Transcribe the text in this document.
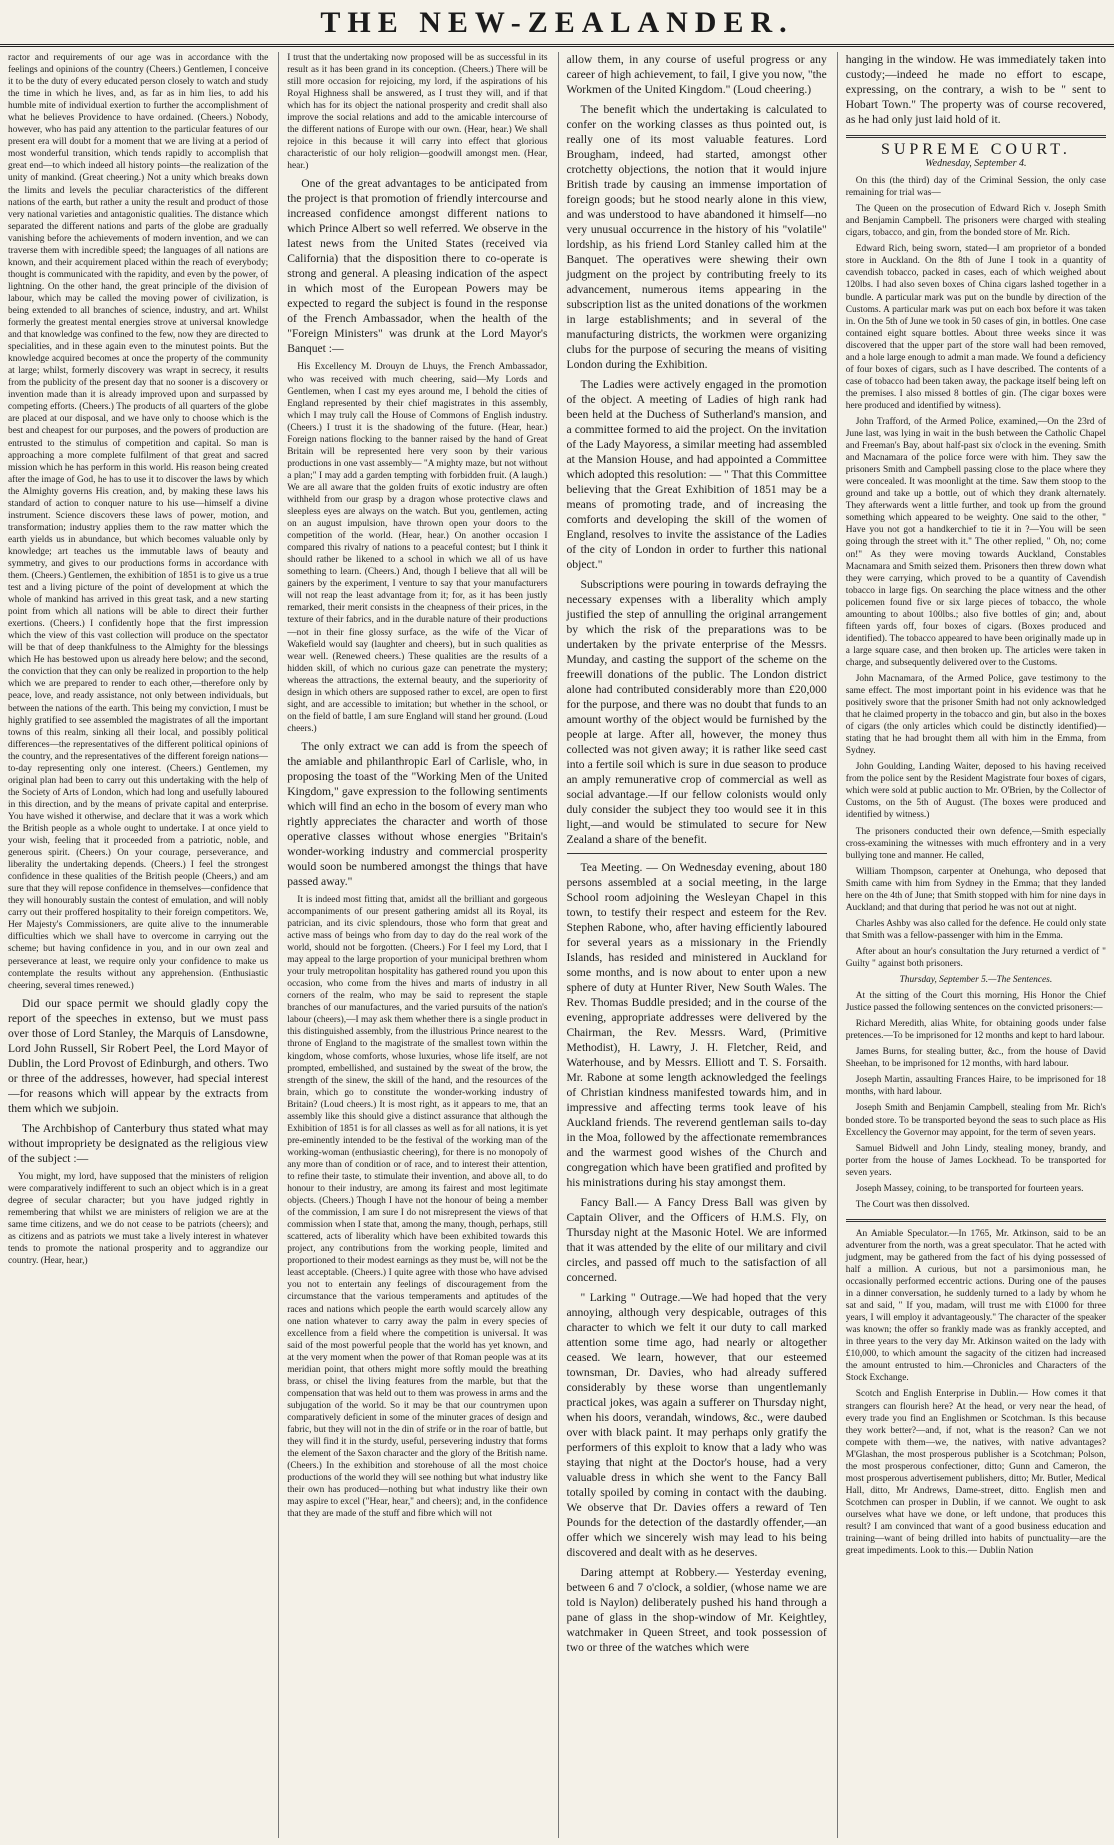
THE NEW-ZEALANDER.

ractor and requirements of our age was in accordance with the feelings and opinions of the country (Cheers.) Gentlemen, I conceive it to be the duty of every educated person closely to watch and study the time in which he lives, and, as far as in him lies, to add his humble mite of individual exertion to further the accomplishment of what he believes Providence to have ordained. (Cheers.) Nobody, however, who has paid any attention to the particular features of our present era will doubt for a moment that we are living at a period of most wonderful transition, which tends rapidly to accomplish that great end—to which indeed all history points—the realization of the unity of mankind. (Great cheering.) Not a unity which breaks down the limits and levels the peculiar characteristics of the different nations of the earth, but rather a unity the result and product of those very national varieties and antagonistic qualities. The distance which separated the different nations and parts of the globe are gradually vanishing before the achievements of modern invention, and we can traverse them with incredible speed; the languages of all nations are known, and their acquirement placed within the reach of everybody; thought is communicated with the rapidity, and even by the power, of lightning. On the other hand, the great principle of the division of labour, which may be called the moving power of civilization, is being extended to all branches of science, industry, and art. Whilst formerly the greatest mental energies strove at universal knowledge and that knowledge was confined to the few, now they are directed to specialities, and in these again even to the minutest points. But the knowledge acquired becomes at once the property of the community at large; whilst, formerly discovery was wrapt in secrecy, it results from the publicity of the present day that no sooner is a discovery or invention made than it is already improved upon and surpassed by competing efforts. (Cheers.) The products of all quarters of the globe are placed at our disposal, and we have only to choose which is the best and cheapest for our purposes, and the powers of production are entrusted to the stimulus of competition and capital. So man is approaching a more complete fulfilment of that great and sacred mission which he has perform in this world. His reason being created after the image of God, he has to use it to discover the laws by which the Almighty governs His creation, and, by making these laws his standard of action to conquer nature to his use—himself a divine instrument. Science discovers these laws of power, motion, and transformation; industry applies them to the raw matter which the earth yields us in abundance, but which becomes valuable only by knowledge; art teaches us the immutable laws of beauty and symmetry, and gives to our productions forms in accordance with them. (Cheers.) Gentlemen, the exhibition of 1851 is to give us a true test and a living picture of the point of development at which the whole of mankind has arrived in this great task, and a new starting point from which all nations will be able to direct their further exertions. (Cheers.) I confidently hope that the first impression which the view of this vast collection will produce on the spectator will be that of deep thankfulness to the Almighty for the blessings which He has bestowed upon us already here below; and the second, the conviction that they can only be realized in proportion to the help which we are prepared to render to each other,—therefore only by peace, love, and ready assistance, not only between individuals, but between the nations of the earth. This being my conviction, I must be highly gratified to see assembled the magistrates of all the important towns of this realm, sinking all their local, and possibly political differences—the representatives of the different political opinions of the country, and the representatives of the different foreign nations—to-day representing only one interest. (Cheers.) Gentlemen, my original plan had been to carry out this undertaking with the help of the Society of Arts of London, which had long and usefully laboured in this direction, and by the means of private capital and enterprise. You have wished it otherwise, and declare that it was a work which the British people as a whole ought to undertake. I at once yield to your wish, feeling that it proceeded from a patriotic, noble, and generous spirit. (Cheers.) On your courage, perseverance, and liberality the undertaking depends. (Cheers.) I feel the strongest confidence in these qualities of the British people (Cheers,) and am sure that they will repose confidence in themselves—confidence that they will honourably sustain the contest of emulation, and will nobly carry out their proffered hospitality to their foreign competitors. We, Her Majesty's Commissioners, are quite alive to the innumerable difficulties which we shall have to overcome in carrying out the scheme; but having confidence in you, and in our own zeal and perseverance at least, we require only your confidence to make us contemplate the results without any apprehension. (Enthusiastic cheering, several times renewed.)

Did our space permit we should gladly copy the report of the speeches in extenso, but we must pass over those of Lord Stanley, the Marquis of Lansdowne, Lord John Russell, Sir Robert Peel, the Lord Mayor of Dublin, the Lord Provost of Edinburgh, and others. Two or three of the addresses, however, had special interest—for reasons which will appear by the extracts from them which we subjoin.

The Archbishop of Canterbury thus stated what may without impropriety be designated as the religious view of the subject :—

You might, my lord, have supposed that the ministers of religion were comparatively indifferent to such an object which is in a great degree of secular character; but you have judged rightly in remembering that whilst we are ministers of religion we are at the same time citizens, and we do not cease to be patriots (cheers); and as citizens and as patriots we must take a lively interest in whatever tends to promote the national prosperity and to aggrandize our country. (Hear, hear,)

I trust that the undertaking now proposed will be as successful in its result as it has been grand in its conception. (Cheers.) There will be still more occasion for rejoicing, my lord, if the aspirations of his Royal Highness shall be answered, as I trust they will, and if that which has for its object the national prosperity and credit shall also improve the social relations and add to the amicable intercourse of the different nations of Europe with our own. (Hear, hear.) We shall rejoice in this because it will carry into effect that glorious characteristic of our holy religion—goodwill amongst men. (Hear, hear.)

One of the great advantages to be anticipated from the project is that promotion of friendly intercourse and increased confidence amongst different nations to which Prince Albert so well referred. We observe in the latest news from the United States (received via California) that the disposition there to co-operate is strong and general. A pleasing indication of the aspect in which most of the European Powers may be expected to regard the subject is found in the response of the French Ambassador, when the health of the "Foreign Ministers" was drunk at the Lord Mayor's Banquet :—

His Excellency M. Drouyn de Lhuys, the French Ambassador, who was received with much cheering, said—My Lords and Gentlemen, when I cast my eyes around me, I behold the cities of England represented by their chief magistrates in this assembly, which I may truly call the House of Commons of English industry. (Cheers.) I trust it is the shadowing of the future. (Hear, hear.) Foreign nations flocking to the banner raised by the hand of Great Britain will be represented here very soon by their various productions in one vast assembly— "A mighty maze, but not without a plan;" I may add a garden tempting with forbidden fruit. (A laugh.) We are all aware that the golden fruits of exotic industry are often withheld from our grasp by a dragon whose protective claws and sleepless eyes are always on the watch. But you, gentlemen, acting on an august impulsion, have thrown open your doors to the competition of the world. (Hear, hear.) On another occasion I compared this rivalry of nations to a peaceful contest; but I think it should rather be likened to a school in which we all of us have something to learn. (Cheers.) And, though I believe that all will be gainers by the experiment, I venture to say that your manufacturers will not reap the least advantage from it; for, as it has been justly remarked, their merit consists in the cheapness of their prices, in the texture of their fabrics, and in the durable nature of their productions—not in their fine glossy surface, as the wife of the Vicar of Wakefield would say (laughter and cheers), but in such qualities as wear well. (Renewed cheers.) These qualities are the results of a hidden skill, of which no curious gaze can penetrate the mystery; whereas the attractions, the external beauty, and the superiority of design in which others are supposed rather to excel, are open to first sight, and are accessible to imitation; but whether in the school, or on the field of battle, I am sure England will stand her ground. (Loud cheers.)

The only extract we can add is from the speech of the amiable and philanthropic Earl of Carlisle, who, in proposing the toast of the "Working Men of the United Kingdom," gave expression to the following sentiments which will find an echo in the bosom of every man who rightly appreciates the character and worth of those operative classes without whose energies "Britain's wonder-working industry and commercial prosperity would soon be numbered amongst the things that have passed away."

It is indeed most fitting that, amidst all the brilliant and gorgeous accompaniments of our present gathering amidst all its Royal, its patrician, and its civic splendours, those who form that great and active mass of beings who from day to day do the real work of the world, should not be forgotten. (Cheers.) For I feel my Lord, that I may appeal to the large proportion of your municipal brethren whom your truly metropolitan hospitality has gathered round you upon this occasion, who come from the hives and marts of industry in all corners of the realm, who may be said to represent the staple branches of our manufactures, and the varied pursuits of the nation's labour (cheers),—I may ask them whether there is a single product in this distinguished assembly, from the illustrious Prince nearest to the throne of England to the magistrate of the smallest town within the kingdom, whose comforts, whose luxuries, whose life itself, are not prompted, embellished, and sustained by the sweat of the brow, the strength of the sinew, the skill of the hand, and the resources of the brain, which go to constitute the wonder-working industry of Britain? (Loud cheers.) It is most right, as it appears to me, that an assembly like this should give a distinct assurance that although the Exhibition of 1851 is for all classes as well as for all nations, it is yet pre-eminently intended to be the festival of the working man of the working-woman (enthusiastic cheering), for there is no monopoly of any more than of condition or of race, and to interest their attention, to refine their taste, to stimulate their invention, and above all, to do honour to their industry, are among its fairest and most legitimate objects. (Cheers.) Though I have not the honour of being a member of the commission, I am sure I do not misrepresent the views of that commission when I state that, among the many, though, perhaps, still scattered, acts of liberality which have been exhibited towards this project, any contributions from the working people, limited and proportioned to their modest earnings as they must be, will not be the least acceptable. (Cheers.) I quite agree with those who have advised you not to entertain any feelings of discouragement from the circumstance that the various temperaments and aptitudes of the races and nations which people the earth would scarcely allow any one nation whatever to carry away the palm in every species of excellence from a field where the competition is universal. It was said of the most powerful people that the world has yet known, and at the very moment when the power of that Roman people was at its meridian point, that others might more softly mould the breathing brass, or chisel the living features from the marble, but that the compensation that was held out to them was prowess in arms and the subjugation of the world. So it may be that our countrymen upon comparatively deficient in some of the minuter graces of design and fabric, but they will not in the din of strife or in the roar of battle, but they will find it in the sturdy, useful, persevering industry that forms the element of the Saxon character and the glory of the British name. (Cheers.) In the exhibition and storehouse of all the most choice productions of the world they will see nothing but what industry like their own has produced—nothing but what industry like their own may aspire to excel ("Hear, hear," and cheers); and, in the confidence that they are made of the stuff and fibre which will not

allow them, in any course of useful progress or any career of high achievement, to fail, I give you now, "the Workmen of the United Kingdom." (Loud cheering.)

The benefit which the undertaking is calculated to confer on the working classes as thus pointed out, is really one of its most valuable features. Lord Brougham, indeed, had started, amongst other crotchetty objections, the notion that it would injure British trade by causing an immense importation of foreign goods; but he stood nearly alone in this view, and was understood to have abandoned it himself—no very unusual occurrence in the history of his "volatile" lordship, as his friend Lord Stanley called him at the Banquet. The operatives were shewing their own judgment on the project by contributing freely to its advancement, numerous items appearing in the subscription list as the united donations of the workmen in large establishments; and in several of the manufacturing districts, the workmen were organizing clubs for the purpose of securing the means of visiting London during the Exhibition.

The Ladies were actively engaged in the promotion of the object. A meeting of Ladies of high rank had been held at the Duchess of Sutherland's mansion, and a committee formed to aid the project. On the invitation of the Lady Mayoress, a similar meeting had assembled at the Mansion House, and had appointed a Committee which adopted this resolution: — " That this Committee believing that the Great Exhibition of 1851 may be a means of promoting trade, and of increasing the comforts and developing the skill of the women of England, resolves to invite the assistance of the Ladies of the city of London in order to further this national object."

Subscriptions were pouring in towards defraying the necessary expenses with a liberality which amply justified the step of annulling the original arrangement by which the risk of the preparations was to be undertaken by the private enterprise of the Messrs. Munday, and casting the support of the scheme on the freewill donations of the public. The London district alone had contributed considerably more than £20,000 for the purpose, and there was no doubt that funds to an amount worthy of the object would be furnished by the people at large. After all, however, the money thus collected was not given away; it is rather like seed cast into a fertile soil which is sure in due season to produce an amply remunerative crop of commercial as well as social advantage.—If our fellow colonists would only duly consider the subject they too would see it in this light,—and would be stimulated to secure for New Zealand a share of the benefit.

Tea Meeting. — On Wednesday evening, about 180 persons assembled at a social meeting, in the large School room adjoining the Wesleyan Chapel in this town, to testify their respect and esteem for the Rev. Stephen Rabone, who, after having efficiently laboured for several years as a missionary in the Friendly Islands, has resided and ministered in Auckland for some months, and is now about to enter upon a new sphere of duty at Hunter River, New South Wales. The Rev. Thomas Buddle presided; and in the course of the evening, appropriate addresses were delivered by the Chairman, the Rev. Messrs. Ward, (Primitive Methodist), H. Lawry, J. H. Fletcher, Reid, and Waterhouse, and by Messrs. Elliott and T. S. Forsaith. Mr. Rabone at some length acknowledged the feelings of Christian kindness manifested towards him, and in impressive and affecting terms took leave of his Auckland friends. The reverend gentleman sails to-day in the Moa, followed by the affectionate remembrances and the warmest good wishes of the Church and congregation which have been gratified and profited by his ministrations during his stay amongst them.

Fancy Ball.— A Fancy Dress Ball was given by Captain Oliver, and the Officers of H.M.S. Fly, on Thursday night at the Masonic Hotel. We are informed that it was attended by the elite of our military and civil circles, and passed off much to the satisfaction of all concerned.

" Larking " Outrage.—We had hoped that the very annoying, although very despicable, outrages of this character to which we felt it our duty to call marked attention some time ago, had nearly or altogether ceased. We learn, however, that our esteemed townsman, Dr. Davies, who had already suffered considerably by these worse than ungentlemanly practical jokes, was again a sufferer on Thursday night, when his doors, verandah, windows, &c., were daubed over with black paint. It may perhaps only gratify the performers of this exploit to know that a lady who was staying that night at the Doctor's house, had a very valuable dress in which she went to the Fancy Ball totally spoiled by coming in contact with the daubing. We observe that Dr. Davies offers a reward of Ten Pounds for the detection of the dastardly offender,—an offer which we sincerely wish may lead to his being discovered and dealt with as he deserves.

Daring attempt at Robbery.— Yesterday evening, between 6 and 7 o'clock, a soldier, (whose name we are told is Naylon) deliberately pushed his hand through a pane of glass in the shop-window of Mr. Keightley, watchmaker in Queen Street, and took possession of two or three of the watches which were

hanging in the window. He was immediately taken into custody;—indeed he made no effort to escape, expressing, on the contrary, a wish to be " sent to Hobart Town." The property was of course recovered, as he had only just laid hold of it.

SUPREME COURT.
Wednesday, September 4.

On this (the third) day of the Criminal Session, the only case remaining for trial was—

The Queen on the prosecution of Edward Rich v. Joseph Smith and Benjamin Campbell. The prisoners were charged with stealing cigars, tobacco, and gin, from the bonded store of Mr. Rich.

Edward Rich, being sworn, stated—I am proprietor of a bonded store in Auckland. On the 8th of June I took in a quantity of cavendish tobacco, packed in cases, each of which weighed about 120lbs. I had also seven boxes of China cigars lashed together in a bundle. A particular mark was put on the bundle by direction of the Customs. A particular mark was put on each box before it was taken in. On the 5th of June we took in 50 cases of gin, in bottles. One case contained eight square bottles. About three weeks since it was discovered that the upper part of the store wall had been removed, and a hole large enough to admit a man made. We found a deficiency of four boxes of cigars, such as I have described. The contents of a case of tobacco had been taken away, the package itself being left on the premises. I also missed 8 bottles of gin. (The cigar boxes were here produced and identified by witness).

John Trafford, of the Armed Police, examined,—On the 23rd of June last, was lying in wait in the bush between the Catholic Chapel and Freeman's Bay, about half-past six o'clock in the evening. Smith and Macnamara of the police force were with him. They saw the prisoners Smith and Campbell passing close to the place where they were concealed. It was moonlight at the time. Saw them stoop to the ground and take up a bottle, out of which they drank alternately. They afterwards went a little further, and took up from the ground something which appeared to be weighty. One said to the other, " Have you not got a handkerchief to tie it in ?—You will be seen going through the street with it." The other replied, " Oh, no; come on!" As they were moving towards Auckland, Constables Macnamara and Smith seized them. Prisoners then threw down what they were carrying, which proved to be a quantity of Cavendish tobacco in large figs. On searching the place witness and the other policemen found five or six large pieces of tobacco, the whole amounting to about 100lbs.; also five bottles of gin; and, about fifteen yards off, four boxes of cigars. (Boxes produced and identified). The tobacco appeared to have been originally made up in a large square case, and then broken up. The articles were taken in charge, and subsequently delivered over to the Customs.

John Macnamara, of the Armed Police, gave testimony to the same effect. The most important point in his evidence was that he positively swore that the prisoner Smith had not only acknowledged that he claimed property in the tobacco and gin, but also in the boxes of cigars (the only articles which could be distinctly identified)—stating that he had brought them all with him in the Emma, from Sydney.

John Goulding, Landing Waiter, deposed to his having received from the police sent by the Resident Magistrate four boxes of cigars, which were sold at public auction to Mr. O'Brien, by the Collector of Customs, on the 5th of August. (The boxes were produced and identified by witness.)

The prisoners conducted their own defence,—Smith especially cross-examining the witnesses with much effrontery and in a very bullying tone and manner. He called,

William Thompson, carpenter at Onehunga, who deposed that Smith came with him from Sydney in the Emma; that they landed here on the 4th of June; that Smith stopped with him for nine days in Auckland; and that during that period he was not out at night.

Charles Ashby was also called for the defence. He could only state that Smith was a fellow-passenger with him in the Emma.

After about an hour's consultation the Jury returned a verdict of " Guilty " against both prisoners.

Thursday, September 5.—The Sentences.

At the sitting of the Court this morning, His Honor the Chief Justice passed the following sentences on the convicted prisoners:—

Richard Meredith, alias White, for obtaining goods under false pretences.—To be imprisoned for 12 months and kept to hard labour.

James Burns, for stealing butter, &c., from the house of David Sheehan, to be imprisoned for 12 months, with hard labour.

Joseph Martin, assaulting Frances Haire, to be imprisoned for 18 months, with hard labour.

Joseph Smith and Benjamin Campbell, stealing from Mr. Rich's bonded store. To be transported beyond the seas to such place as His Excellency the Governor may appoint, for the term of seven years.

Samuel Bidwell and John Lindy, stealing money, brandy, and porter from the house of James Lockhead. To be transported for seven years.

Joseph Massey, coining, to be transported for fourteen years.

The Court was then dissolved.

An Amiable Speculator.—In 1765, Mr. Atkinson, said to be an adventurer from the north, was a great speculator. That he acted with judgment, may be gathered from the fact of his dying possessed of half a million. A curious, but not a parsimonious man, he occasionally performed eccentric actions. During one of the pauses in a dinner conversation, he suddenly turned to a lady by whom he sat and said, " If you, madam, will trust me with £1000 for three years, I will employ it advantageously." The character of the speaker was known; the offer so frankly made was as frankly accepted, and in three years to the very day Mr. Atkinson waited on the lady with £10,000, to which amount the sagacity of the citizen had increased the amount entrusted to him.—Chronicles and Characters of the Stock Exchange.

Scotch and English Enterprise in Dublin.— How comes it that strangers can flourish here? At the head, or very near the head, of every trade you find an Englishmen or Scotchman. Is this because they work better?—and, if not, what is the reason? Can we not compete with them—we, the natives, with native advantages? M'Glashan, the most prosperous publisher is a Scotchman; Polson, the most prosperous confectioner, ditto; Gunn and Cameron, the most prosperous advertisement publishers, ditto; Mr. Butler, Medical Hall, ditto, Mr Andrews, Dame-street, ditto. English men and Scotchmen can prosper in Dublin, if we cannot. We ought to ask ourselves what have we done, or left undone, that produces this result? I am convinced that want of a good business education and training—want of being drilled into habits of punctuality—are the great impediments. Look to this.— Dublin Nation
